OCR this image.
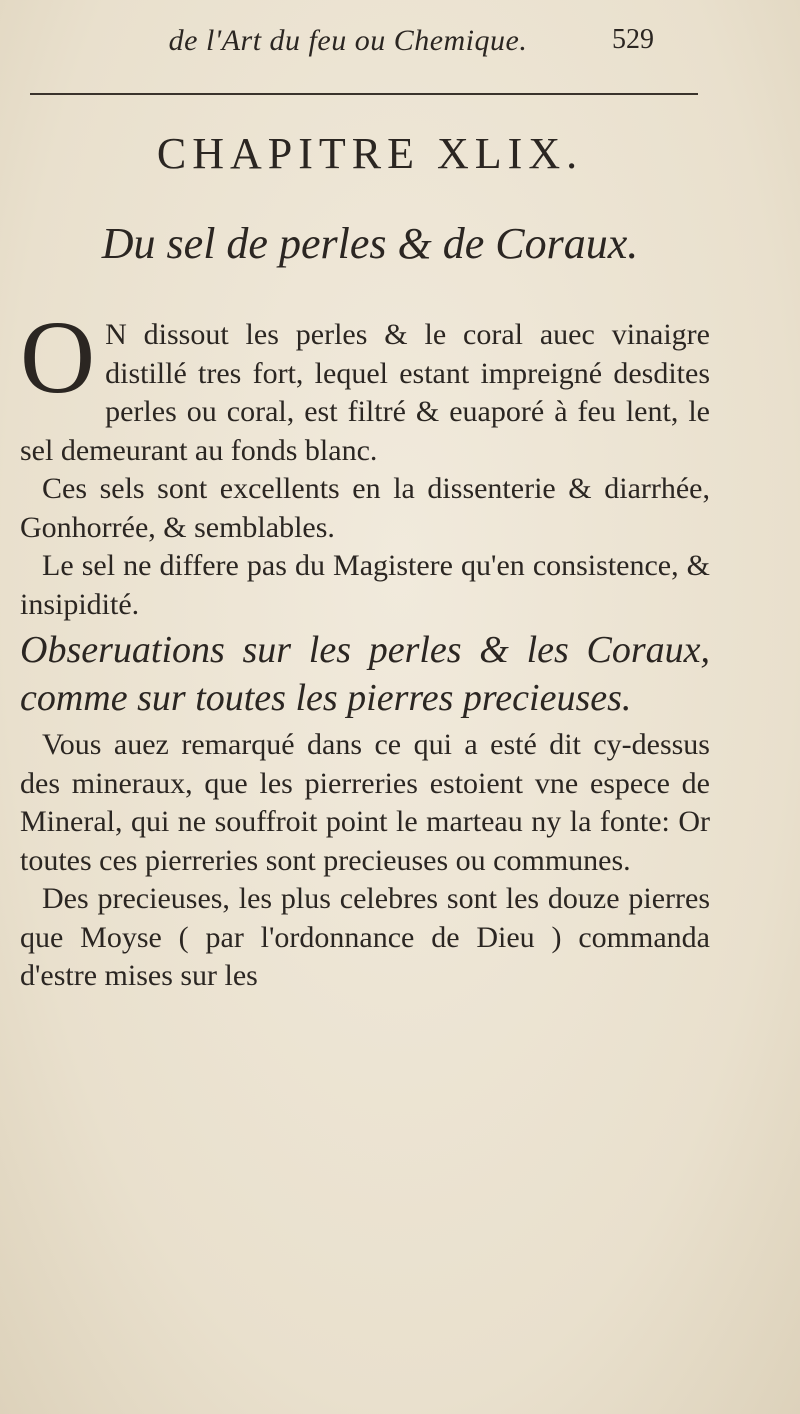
de l'Art du feu ou Chemique.	529
CHAPITRE XLIX.
Du sel de perles & de Coraux.

O N dissout les perles & le coral auec vinaigre distillé tres fort, lequel estant impreigné desdites perles ou coral, est filtré & euaporé à feu lent, le sel demeurant au fonds blanc.

Ces sels sont excellents en la dissenterie & diarrhée, Gonhorrée, & semblables.

Le sel ne differe pas du Magistere qu'en consistence, & insipidité.

Obseruations sur les perles & les Coraux, comme sur toutes les pierres precieuses.

Vous auez remarqué dans ce qui a esté dit cy-dessus des mineraux, que les pierreries estoient vne espece de Mineral, qui ne souffroit point le marteau ny la fonte: Or toutes ces pierreries sont precieuses ou communes.

Des precieuses, les plus celebres sont les douze pierres que Moyse ( par l'ordonnance de Dieu ) commanda d'estre mises sur les
